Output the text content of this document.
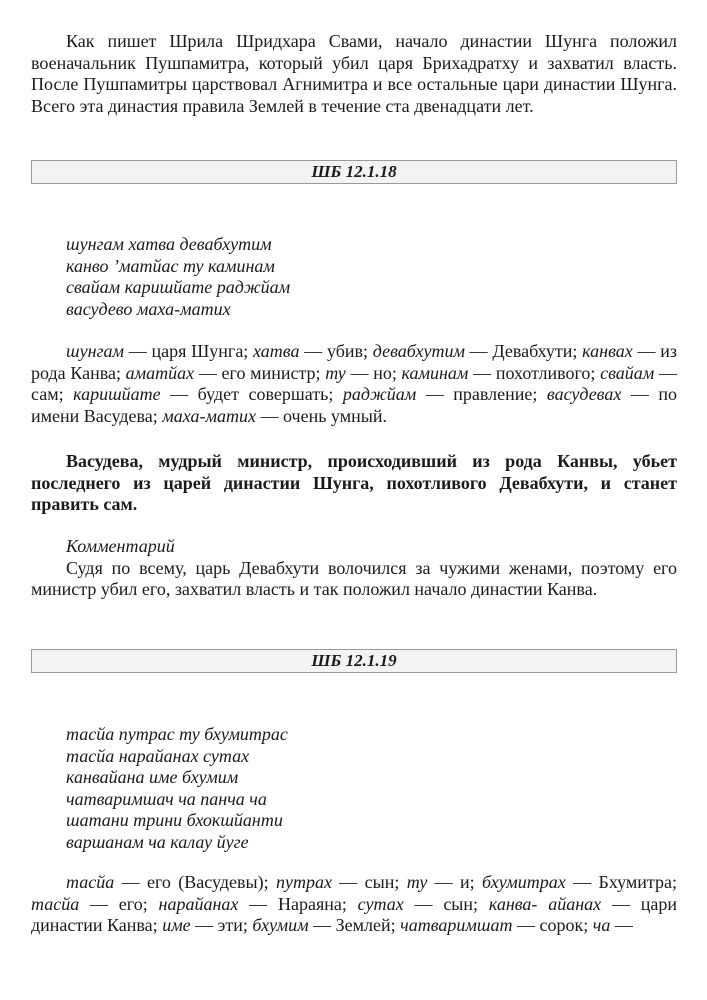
Как пишет Шрила Шридхара Свами, начало династии Шунга положил военачальник Пушпамитра, который убил царя Брихадратху и захватил власть. После Пушпамитры царствовал Агнимитра и все остальные цари династии Шунга. Всего эта династия правила Землей в течение ста двенадцати лет.
ШБ 12.1.18
шунгам хатва девабхутим
канво ’матйас ту каминам
свайам каришйате раджйам
васудево маха-матих
шунгам — царя Шунга; хатва — убив; девабхутим — Девабхути; канвах — из рода Канва; аматйах — его министр; ту — но; каминам — похотливого; свайам — сам; каришйате — будет совершать; раджйам — правление; васудевах — по имени Васудева; маха-матих — очень умный.
Васудева, мудрый министр, происходивший из рода Канвы, убьет последнего из царей династии Шунга, похотливого Девабхути, и станет править сам.
Комментарий
Судя по всему, царь Девабхути волочился за чужими женами, поэтому его министр убил его, захватил власть и так положил начало династии Канва.
ШБ 12.1.19
тасйа путрас ту бхумитрас
тасйа нарайанах сутах
канвайана име бхумим
чатваримшач ча панча ча
шатани трини бхокшйанти
варшанам ча калау йуге
тасйа — его (Васудевы); путрах — сын; ту — и; бхумитрах — Бхумитра; тасйа — его; нарайанах — Нараяна; сутах — сын; канва- айанах — цари династии Канва; име — эти; бхумим — Землей; чатваримшат — сорок; ча —
